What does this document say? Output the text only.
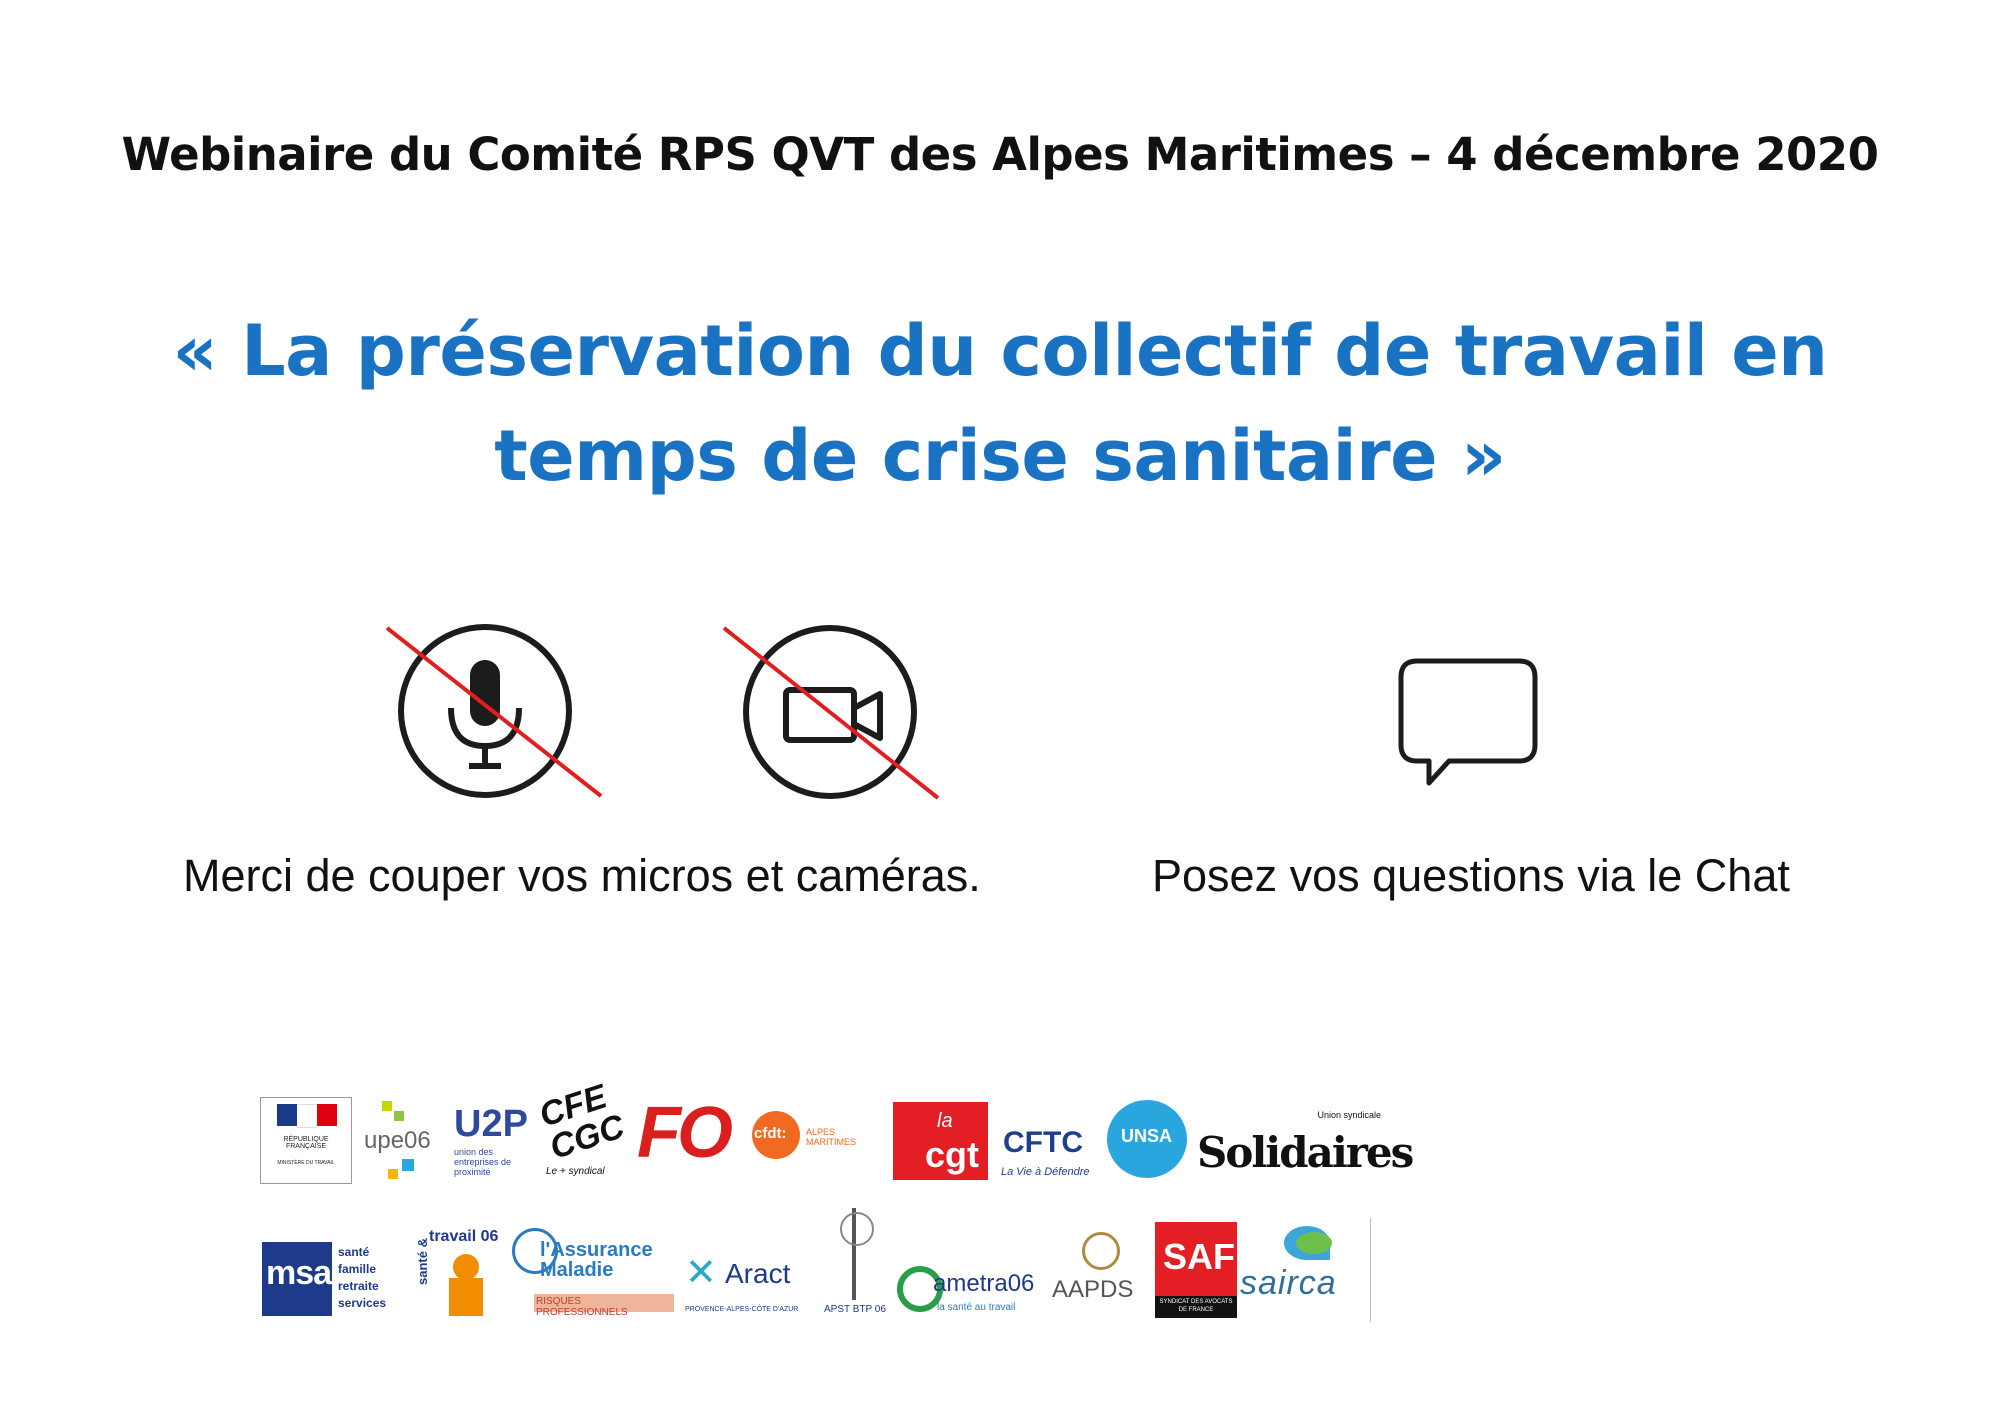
Webinaire du Comité RPS QVT des Alpes Maritimes – 4 décembre 2020
« La préservation du collectif de travail en
temps de crise sanitaire »
Merci de couper vos micros et caméras.	Posez vos questions via le Chat
RÉPUBLIQUE FRANÇAISE
MINISTÈRE DU TRAVAIL
upe06 U2P
union des entreprises de proximité
CFE CGC
Le + syndical FO cfdt: ALPES MARITIMES
la
cgt CFTC
La Vie à Défendre
UNSA
Union syndicale
Solidaires
msa
santé famille retraite services
santé &
travail 06
l'Assurance Maladie
RISQUES PROFESSIONNELS
✕ Aract
PROVENCE-ALPES-CÔTE D'AZUR	APST BTP 06
ametra06
la santé au travail
AAPDS
SAF
SYNDICAT DES AVOCATS DE FRANCE
sairca
